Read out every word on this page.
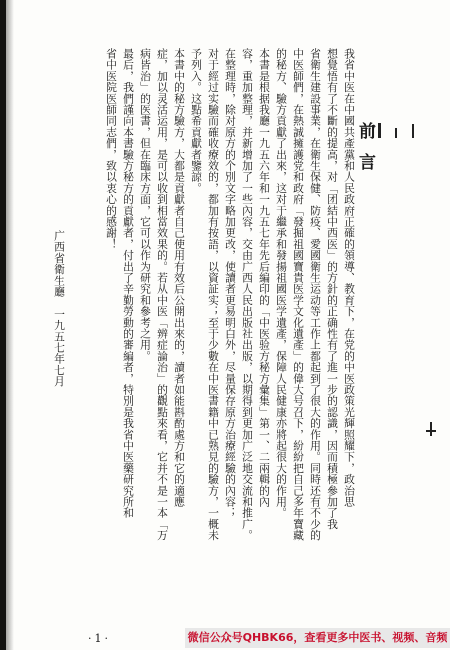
前言
我省中医在中國共產黨和人民政府正確的領導、教育下，在党的中医政策光輝照耀下，政治思
想覺悟有了不斷的提高，对「团結中西医」的方針的正确性有了進一步的認識，因而積極參加了我
省衛生建設事業，在衛生保健、防疫、愛國衛生运动等工作上都起到了很大的作用。同時还有不少的
中医師們，在熱誠擁護党和政府「發掘祖國寶貴医学文化遺產」的偉大号召下，紛紛把自己多年寶藏
的秘方、驗方貢獻了出來，这对于繼承和發揚祖國医学遺產，保障人民健康亦將起很大的作用。
本書是根据我廳一九五六年和一九五七年先后編印的「中医验方秘方彙集」第一、二兩輯的內
容，重加整理，并新增加了一些內容，交由广西人民出版社出版，以期得到更加广泛地交流和推广。
在整理時，除对原方的个別文字略加更改，使讀者更易明白外，尽量保存原方治療經驗的內容；
对于經过实驗而確收療效的，都加有按語，以資証实；至于少數在中医書籍中已熟見的驗方，一概未
予列入。这點希貢獻者鑒諒。
本書中的秘方驗方，大都是貢獻者自己使用有效后公開出來的，讀者如能斟酌處方和它的適應
症，加以灵活运用，是可以收到相當效果的。若从中医「辨症論治」的觀點來看，它并不是一本「万
病皆治」的医書，但在臨床方面，它可以作为研究和參考之用。
最后，我們謹向本書驗方秘方的貢獻者，付出了辛勤勞動的審編者，特別是我省中医藥研究所和
省中医院医師同志們，致以衷心的感謝！
广西省衛生廳　一九五七年七月
·1·	微信公众号QHBK66，查看更多中医书、视频、音频
